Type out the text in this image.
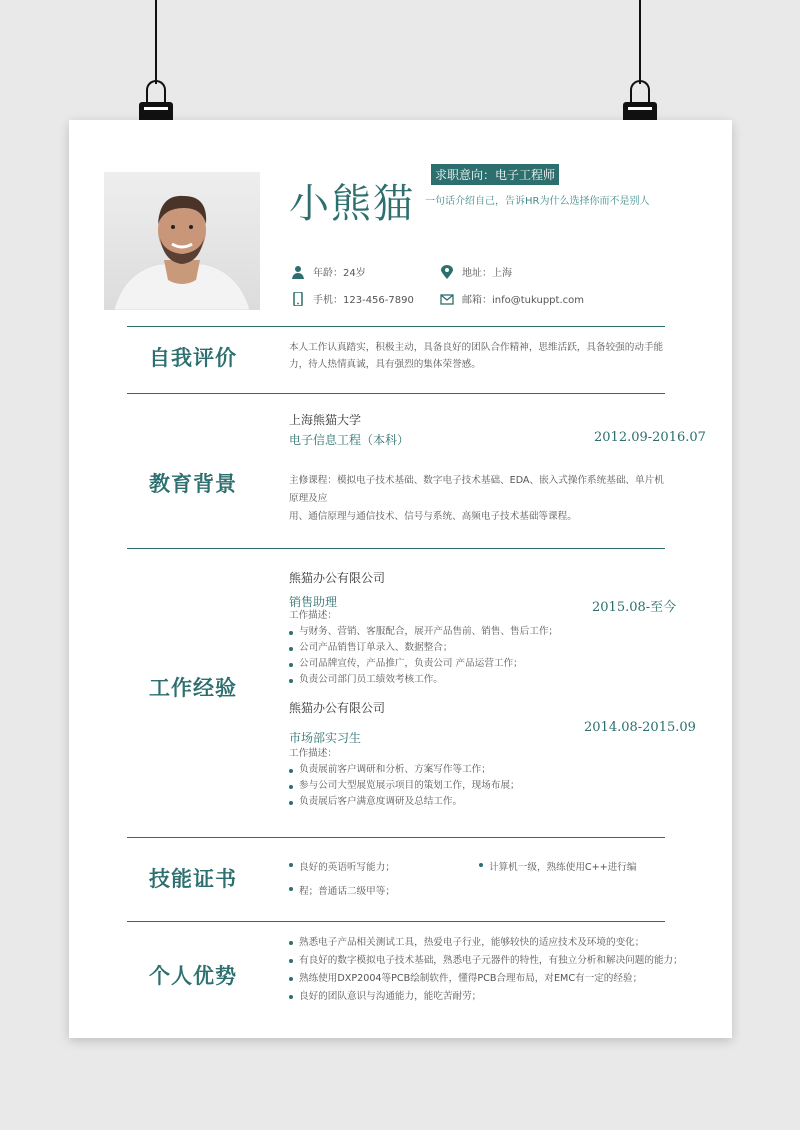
小熊猫
求职意向：电子工程师
一句话介绍自己，告诉HR为什么选择你而不是别人
年龄：24岁
手机：123-456-7890
地址：上海
邮箱：info@tukuppt.com
自我评价	本人工作认真踏实，积极主动，具备良好的团队合作精神，思维活跃，具备较强的动手能
力，待人热情真诚，具有强烈的集体荣誉感。
上海熊猫大学
电子信息工程（本科）	2012.09-2016.07
教育背景	主修课程：模拟电子技术基础、数字电子技术基础、EDA、嵌入式操作系统基础、单片机
原理及应
用、通信原理与通信技术、信号与系统、高频电子技术基础等课程。
熊猫办公有限公司
销售助理	2015.08-至今
工作描述：
与财务、营销、客服配合，展开产品售前、销售、售后工作；
公司产品销售订单录入、数据整合；
公司品牌宣传，产品推广，负责公司 产品运营工作；
负责公司部门员工绩效考核工作。
工作经验
熊猫办公有限公司
2014.08-2015.09
市场部实习生
工作描述：
负责展前客户调研和分析、方案写作等工作；
参与公司大型展览展示项目的策划工作，现场布展；
负责展后客户满意度调研及总结工作。
技能证书	良好的英语听写能力；	计算机一级，熟练使用C++进行编
程；普通话二级甲等；
个人优势
熟悉电子产品相关测试工具，热爱电子行业，能够较快的适应技术及环境的变化；
有良好的数字模拟电子技术基础，熟悉电子元器件的特性，有独立分析和解决问题的能力；
熟练使用DXP2004等PCB绘制软件，懂得PCB合理布局，对EMC有一定的经验；
良好的团队意识与沟通能力，能吃苦耐劳；
